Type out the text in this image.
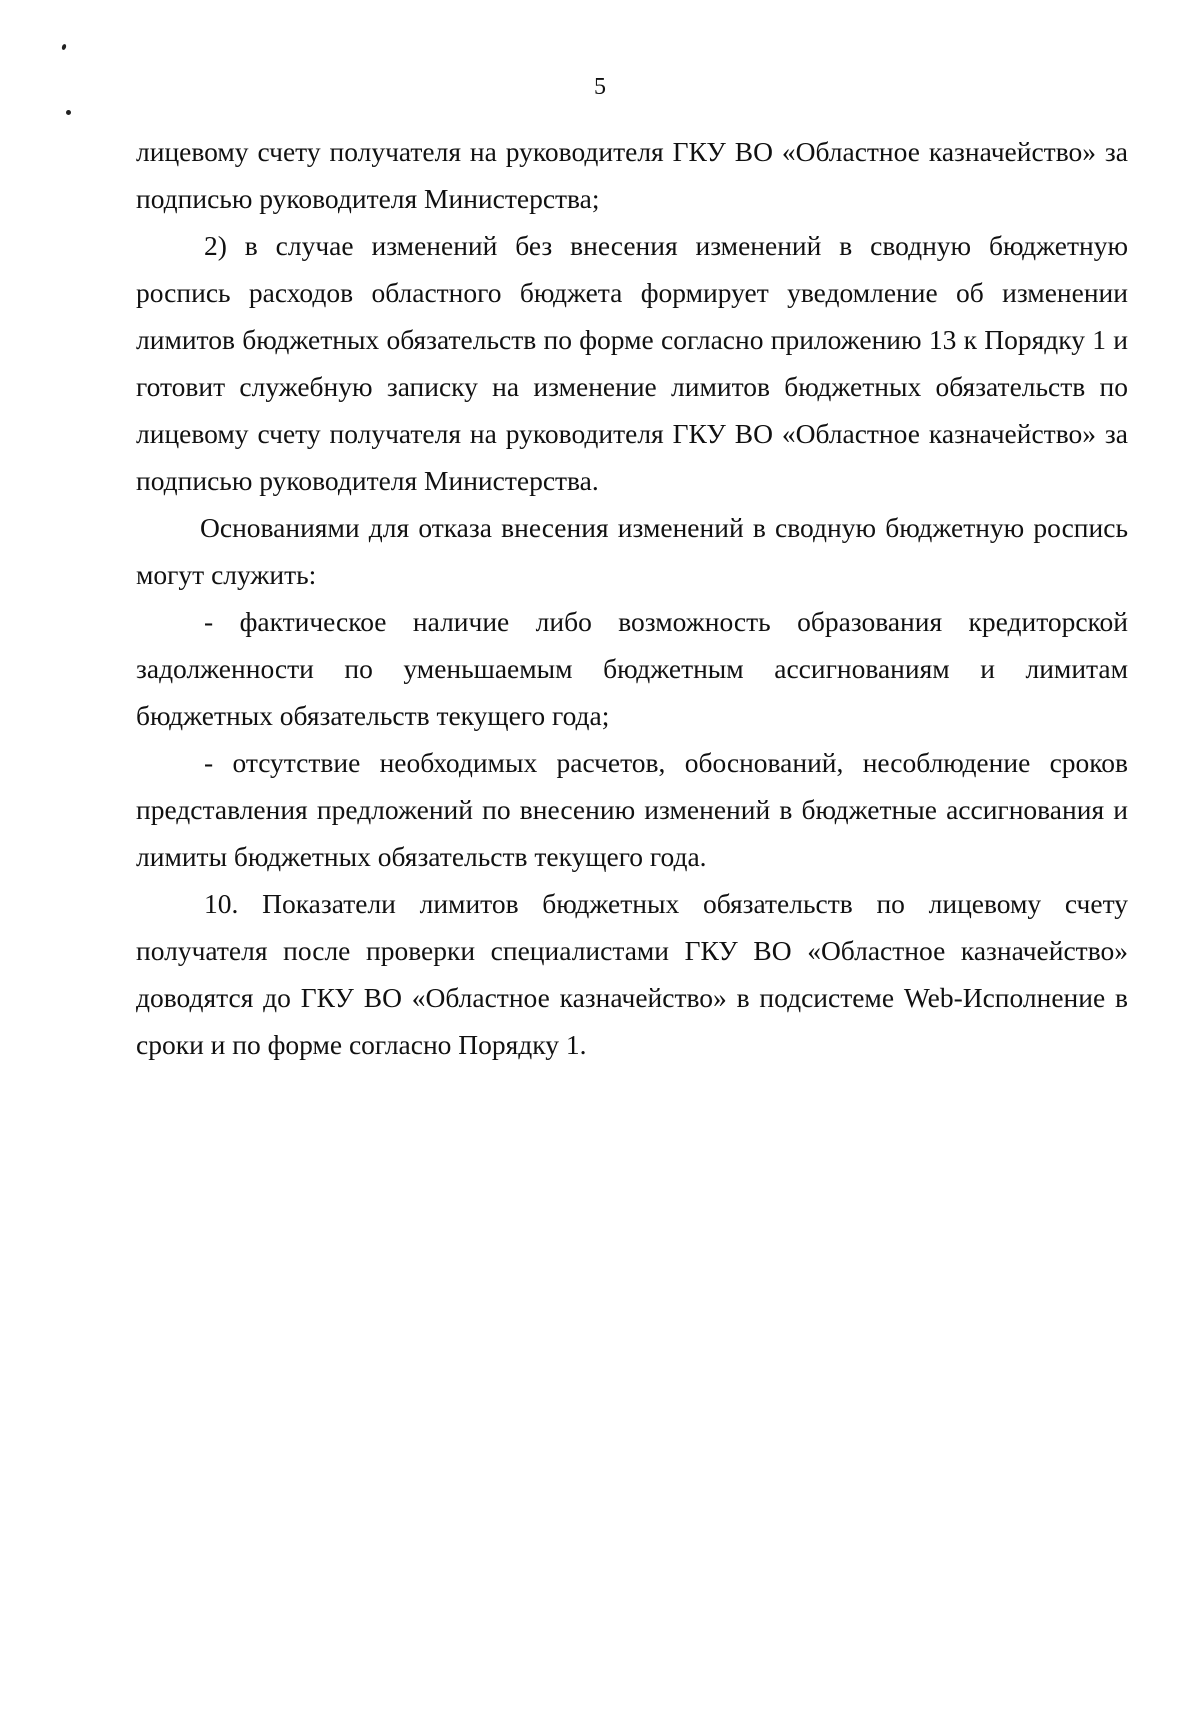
5

лицевому счету получателя на руководителя ГКУ ВО «Областное казначейство» за подписью руководителя Министерства;

2) в случае изменений без внесения изменений в сводную бюджетную роспись расходов областного бюджета формирует уведомление об изменении лимитов бюджетных обязательств по форме согласно приложению 13 к Порядку 1 и готовит служебную записку на изменение лимитов бюджетных обязательств по лицевому счету получателя на руководителя ГКУ ВО «Областное казначейство» за подписью руководителя Министерства.

Основаниями для отказа внесения изменений в сводную бюджетную роспись могут служить:

- фактическое наличие либо возможность образования кредиторской задолженности по уменьшаемым бюджетным ассигнованиям и лимитам бюджетных обязательств текущего года;

- отсутствие необходимых расчетов, обоснований, несоблюдение сроков представления предложений по внесению изменений в бюджетные ассигнования и лимиты бюджетных обязательств текущего года.

10. Показатели лимитов бюджетных обязательств по лицевому счету получателя после проверки специалистами ГКУ ВО «Областное казначейство» доводятся до ГКУ ВО «Областное казначейство» в подсистеме Web-Исполнение в сроки и по форме согласно Порядку 1.
